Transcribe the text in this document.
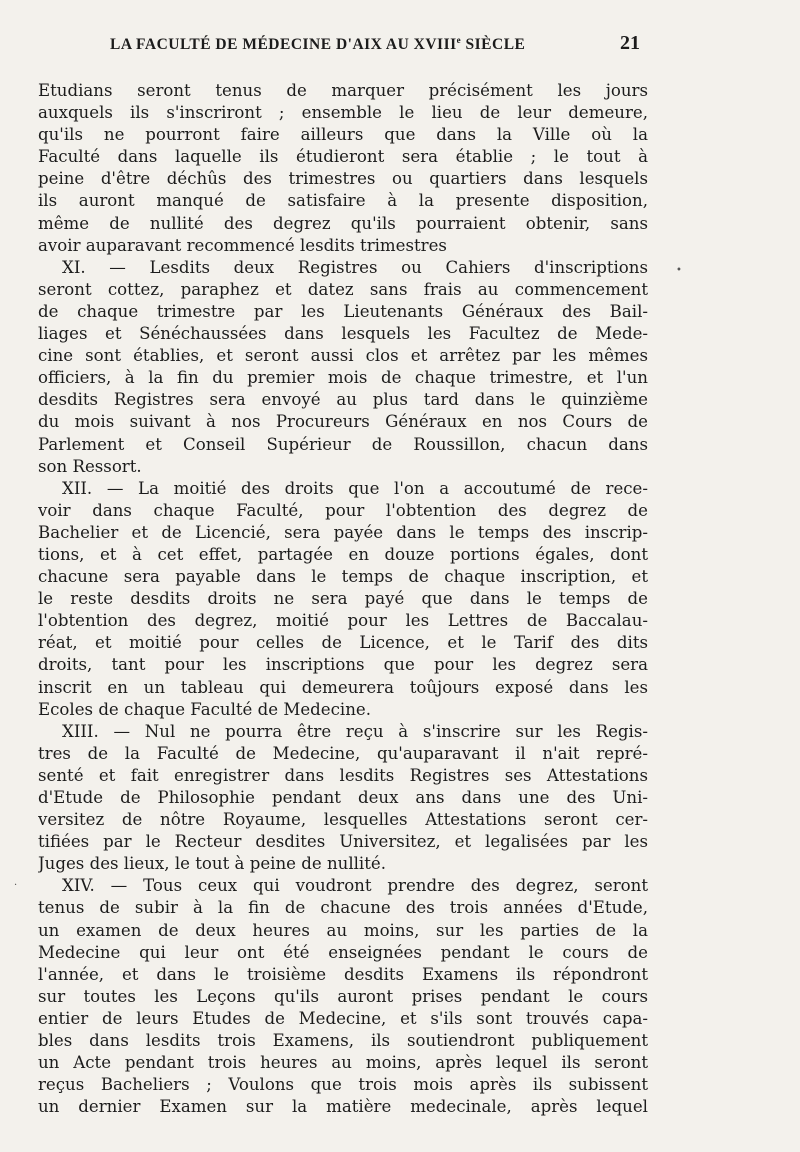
LA FACULTÉ DE MÉDECINE D'AIX AU XVIIIe SIÈCLE	21
Etudians seront tenus de marquer précisément les jours
auxquels ils s'inscriront ; ensemble le lieu de leur demeure,
qu'ils ne pourront faire ailleurs que dans la Ville où la
Faculté dans laquelle ils étudieront sera établie ; le tout à
peine d'être déchûs des trimestres ou quartiers dans lesquels
ils auront manqué de satisfaire à la presente disposition,
même de nullité des degrez qu'ils pourraient obtenir, sans
avoir auparavant recommencé lesdits trimestres
XI. — Lesdits deux Registres ou Cahiers d'inscriptions
seront cottez, paraphez et datez sans frais au commencement
de chaque trimestre par les Lieutenants Généraux des Bail-
liages et Sénéchaussées dans lesquels les Facultez de Mede-
cine sont établies, et seront aussi clos et arrêtez par les mêmes
officiers, à la fin du premier mois de chaque trimestre, et l'un
desdits Registres sera envoyé au plus tard dans le quinzième
du mois suivant à nos Procureurs Généraux en nos Cours de
Parlement et Conseil Supérieur de Roussillon, chacun dans
son Ressort.
XII. — La moitié des droits que l'on a accoutumé de rece-
voir dans chaque Faculté, pour l'obtention des degrez de
Bachelier et de Licencié, sera payée dans le temps des inscrip-
tions, et à cet effet, partagée en douze portions égales, dont
chacune sera payable dans le temps de chaque inscription, et
le reste desdits droits ne sera payé que dans le temps de
l'obtention des degrez, moitié pour les Lettres de Baccalau-
réat, et moitié pour celles de Licence, et le Tarif des dits
droits, tant pour les inscriptions que pour les degrez sera
inscrit en un tableau qui demeurera toûjours exposé dans les
Ecoles de chaque Faculté de Medecine.
XIII. — Nul ne pourra être reçu à s'inscrire sur les Regis-
tres de la Faculté de Medecine, qu'auparavant il n'ait repré-
senté et fait enregistrer dans lesdits Registres ses Attestations
d'Etude de Philosophie pendant deux ans dans une des Uni-
versitez de nôtre Royaume, lesquelles Attestations seront cer-
tifiées par le Recteur desdites Universitez, et legalisées par les
Juges des lieux, le tout à peine de nullité.
XIV. — Tous ceux qui voudront prendre des degrez, seront
tenus de subir à la fin de chacune des trois années d'Etude,
un examen de deux heures au moins, sur les parties de la
Medecine qui leur ont été enseignées pendant le cours de
l'année, et dans le troisième desdits Examens ils répondront
sur toutes les Leçons qu'ils auront prises pendant le cours
entier de leurs Etudes de Medecine, et s'ils sont trouvés capa-
bles dans lesdits trois Examens, ils soutiendront publiquement
un Acte pendant trois heures au moins, après lequel ils seront
reçus Bacheliers ; Voulons que trois mois après ils subissent
un dernier Examen sur la matière medecinale, après lequel
•
·
